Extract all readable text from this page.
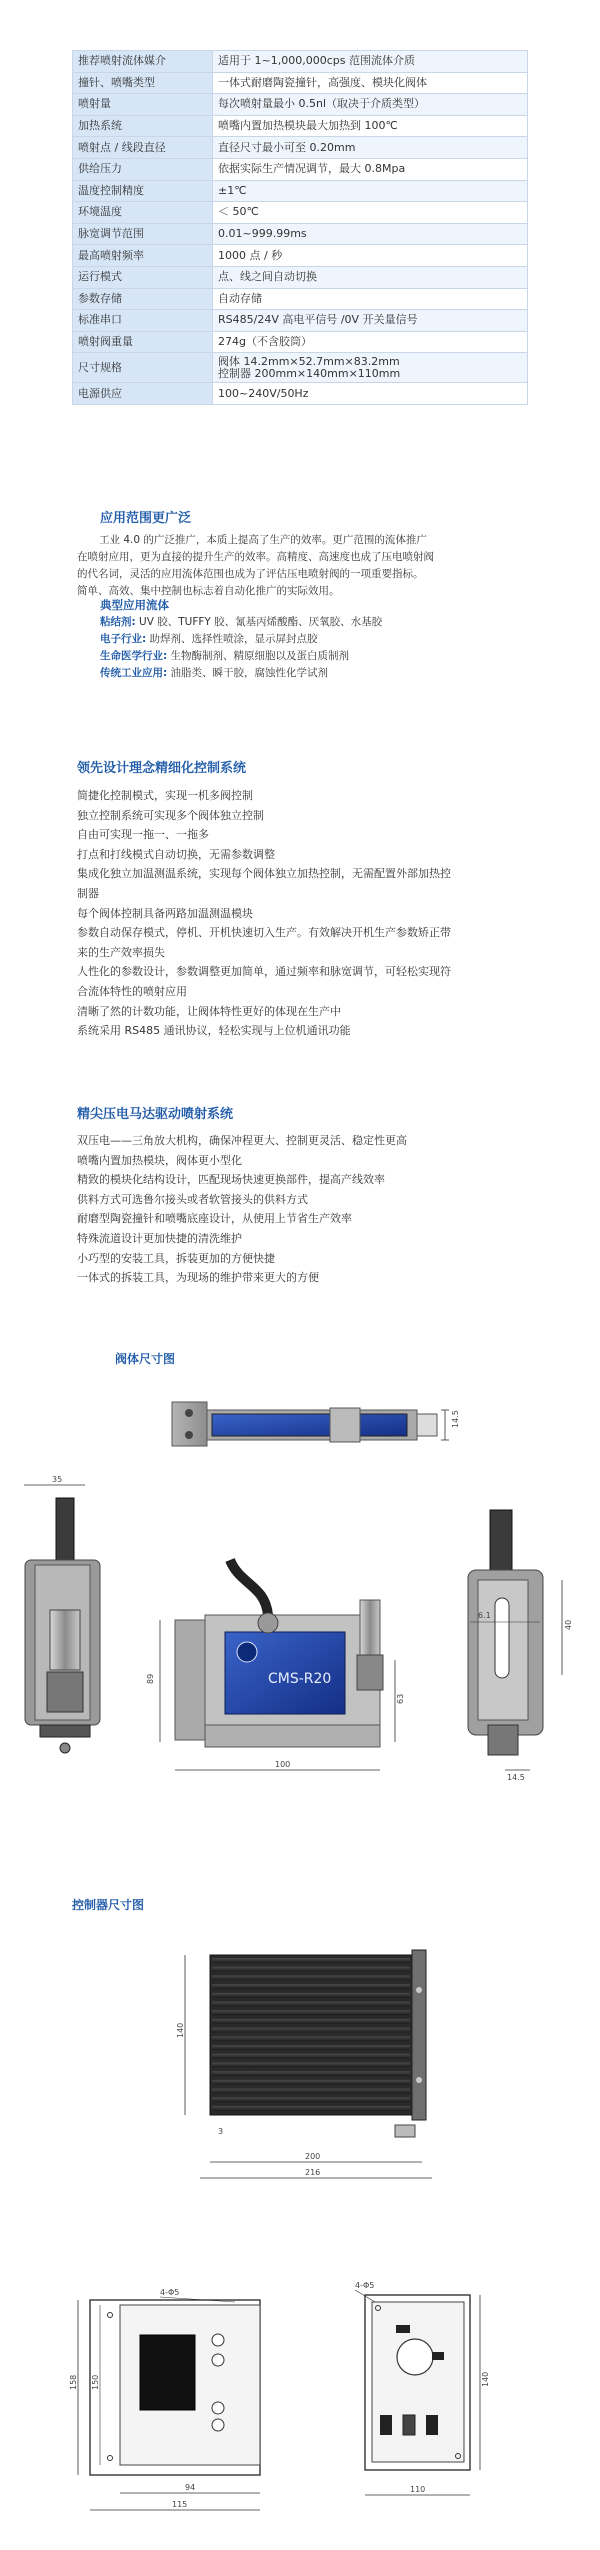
推荐喷射流体媒介	适用于 1~1,000,000cps 范围流体介质
撞针、喷嘴类型	一体式耐磨陶瓷撞针，高强度、模块化阀体
喷射量	每次喷射量最小 0.5nl（取决于介质类型）
加热系统	喷嘴内置加热模块最大加热到 100℃
喷射点 / 线段直径	直径尺寸最小可至 0.20mm
供给压力	依据实际生产情况调节，最大 0.8Mpa
温度控制精度	±1℃
环境温度	＜ 50℃
脉宽调节范围	0.01~999.99ms
最高喷射频率	1000 点 / 秒
运行模式	点、线之间自动切换
参数存储	自动存储
标准串口	RS485/24V 高电平信号 /0V 开关量信号
喷射阀重量	274g（不含胶筒）
尺寸规格	阀体 14.2mm×52.7mm×83.2mm
控制器 200mm×140mm×110mm
电源供应	100~240V/50Hz
应用范围更广泛
工业 4.0 的广泛推广，本质上提高了生产的效率。更广范围的流体推广
在喷射应用，更为直接的提升生产的效率。高精度、高速度也成了压电喷射阀
的代名词，灵活的应用流体范围也成为了评估压电喷射阀的一项重要指标。
简单、高效、集中控制也标志着自动化推广的实际效用。
典型应用流体
粘结剂: UV 胶、TUFFY 胶、氰基丙烯酸酯、厌氧胶、水基胶
电子行业: 助焊剂、选择性喷涂，显示屏封点胶
生命医学行业: 生物酶制剂、精原细胞以及蛋白质制剂
传统工业应用: 油脂类、瞬干胶，腐蚀性化学试剂
领先设计理念精细化控制系统
简捷化控制模式，实现一机多阀控制
独立控制系统可实现多个阀体独立控制
自由可实现一拖一、一拖多
打点和打线模式自动切换，无需参数调整
集成化独立加温测温系统，实现每个阀体独立加热控制，无需配置外部加热控
制器
每个阀体控制具备两路加温测温模块
参数自动保存模式，停机、开机快速切入生产。有效解决开机生产参数矫正带
来的生产效率损失
人性化的参数设计，参数调整更加简单，通过频率和脉宽调节，可轻松实现符
合流体特性的喷射应用
清晰了然的计数功能，让阀体特性更好的体现在生产中
系统采用 RS485 通讯协议，轻松实现与上位机通讯功能
精尖压电马达驱动喷射系统
双压电——三角放大机构，确保冲程更大、控制更灵活、稳定性更高
喷嘴内置加热模块，阀体更小型化
精致的模块化结构设计，匹配现场快速更换部件，提高产线效率
供料方式可选鲁尔接头或者软管接头的供料方式
耐磨型陶瓷撞针和喷嘴底座设计，从使用上节省生产效率
特殊流道设计更加快捷的清洗维护
小巧型的安装工具，拆装更加的方便快捷
一体式的拆装工具，为现场的维护带来更大的方便
阀体尺寸图
14.5
35
CMS-R20
89
63
100
6.1
40
14.5
控制器尺寸图
140
200
216
3
158 150
94
115
4-Φ5
140
110
4-Φ5
